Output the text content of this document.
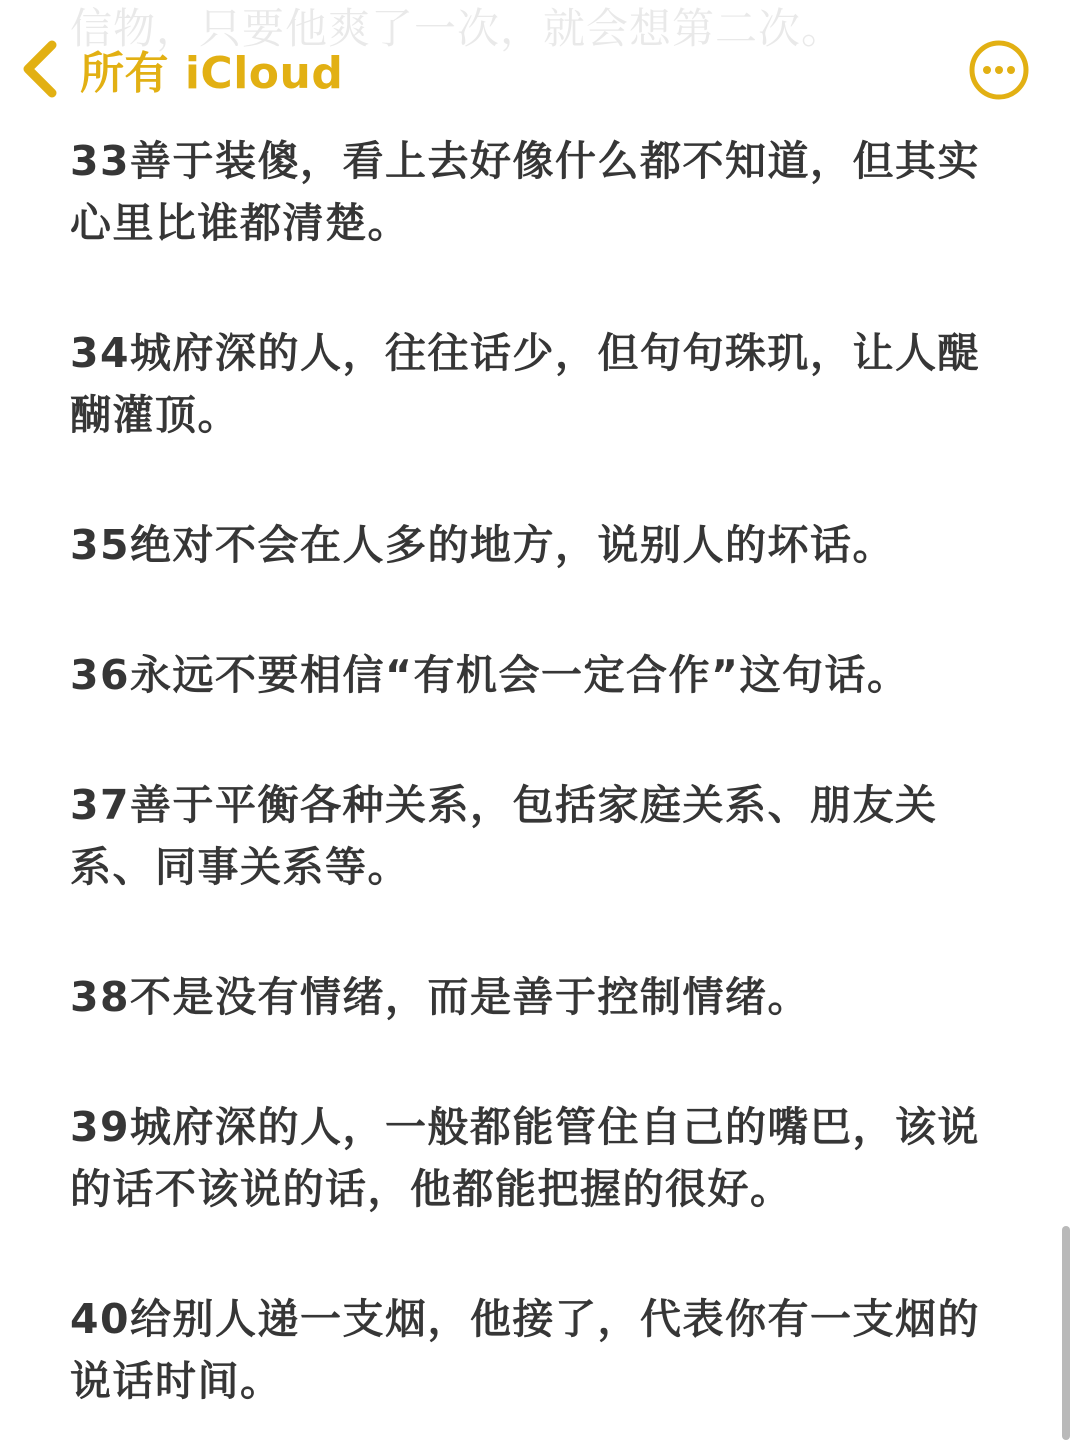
信物，只要他爽了一次，就会想第二次。
所有 iCloud

33善于装傻，看上去好像什么都不知道，但其实心里比谁都清楚。

34城府深的人，往往话少，但句句珠玑，让人醍醐灌顶。

35绝对不会在人多的地方，说别人的坏话。

36永远不要相信“有机会一定合作”这句话。

37善于平衡各种关系，包括家庭关系、朋友关系、同事关系等。

38不是没有情绪，而是善于控制情绪。

39城府深的人，一般都能管住自己的嘴巴，该说的话不该说的话，他都能把握的很好。

40给别人递一支烟，他接了，代表你有一支烟的说话时间。
